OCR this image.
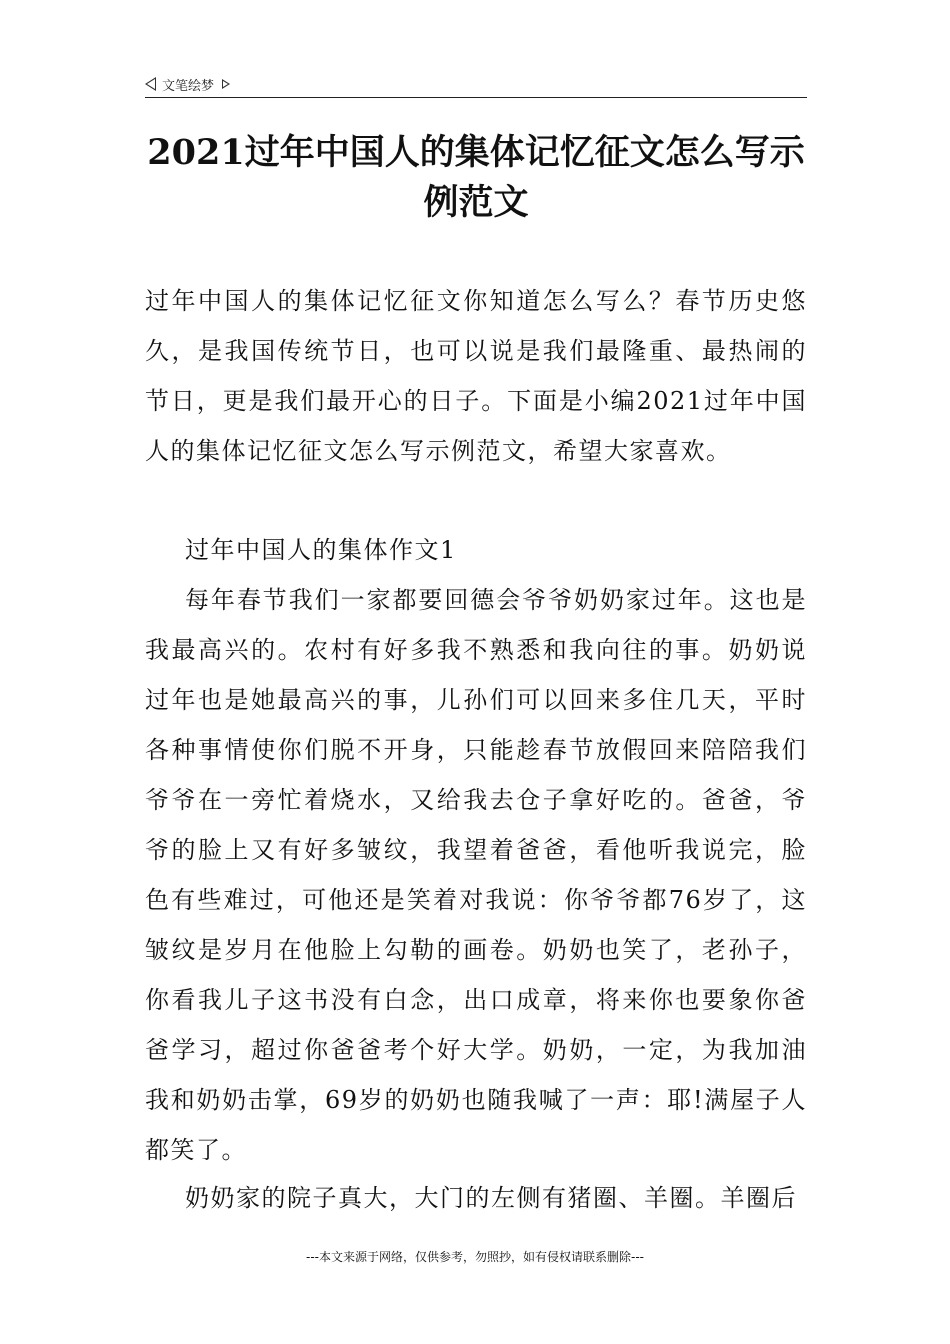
文笔绘梦
2021过年中国人的集体记忆征文怎么写示例范文
过年中国人的集体记忆征文你知道怎么写么？春节历史悠久，是我国传统节日，也可以说是我们最隆重、最热闹的节日，更是我们最开心的日子。下面是小编2021过年中国人的集体记忆征文怎么写示例范文，希望大家喜欢。
过年中国人的集体作文1
每年春节我们一家都要回德会爷爷奶奶家过年。这也是我最高兴的。农村有好多我不熟悉和我向往的事。奶奶说过年也是她最高兴的事，儿孙们可以回来多住几天，平时各种事情使你们脱不开身，只能趁春节放假回来陪陪我们爷爷在一旁忙着烧水，又给我去仓子拿好吃的。爸爸，爷爷的脸上又有好多皱纹，我望着爸爸，看他听我说完，脸色有些难过，可他还是笑着对我说：你爷爷都76岁了，这皱纹是岁月在他脸上勾勒的画卷。奶奶也笑了，老孙子，你看我儿子这书没有白念，出口成章，将来你也要象你爸爸学习，超过你爸爸考个好大学。奶奶，一定，为我加油我和奶奶击掌，69岁的奶奶也随我喊了一声：耶!满屋子人都笑了。
奶奶家的院子真大，大门的左侧有猪圈、羊圈。羊圈后
---本文来源于网络，仅供参考，勿照抄，如有侵权请联系删除---
